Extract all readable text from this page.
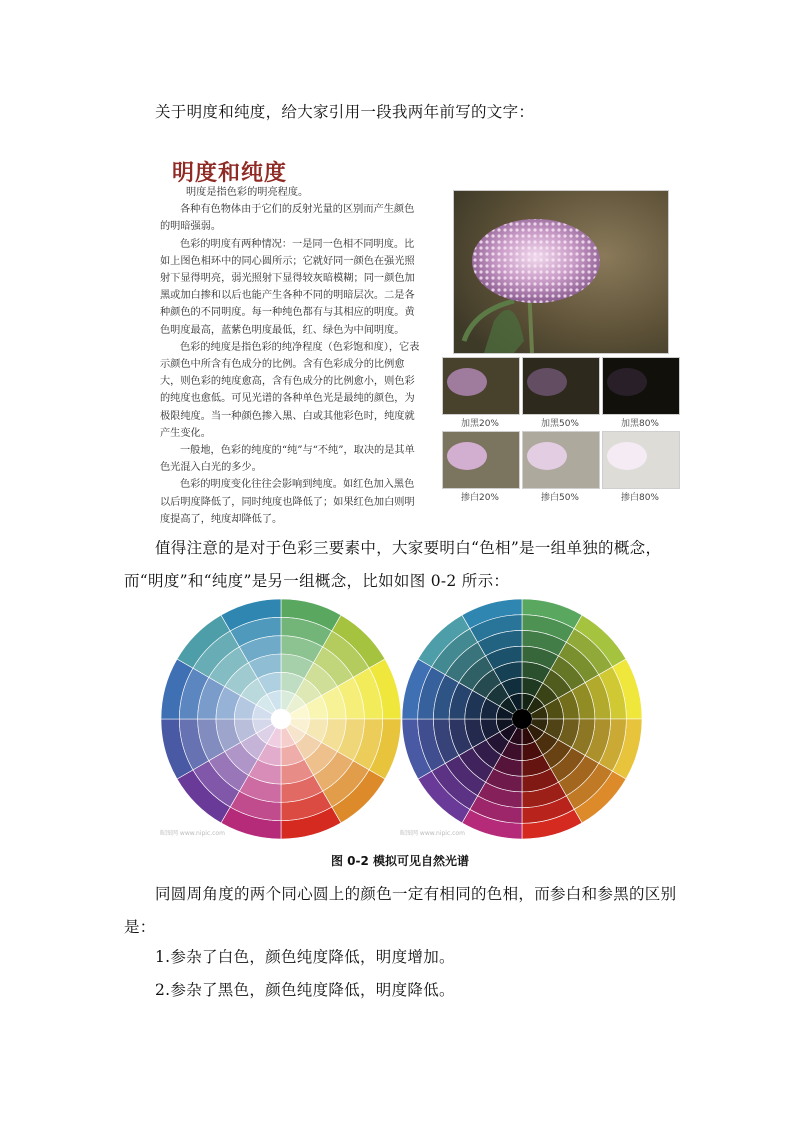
关于明度和纯度，给大家引用一段我两年前写的文字：
明度和纯度

明度是指色彩的明亮程度。

各种有色物体由于它们的反射光量的区别而产生颜色的明暗强弱。

色彩的明度有两种情况：一是同一色相不同明度。比如上图色相环中的同心圆所示；它就好同一颜色在强光照射下显得明亮，弱光照射下显得较灰暗模糊；同一颜色加黑或加白掺和以后也能产生各种不同的明暗层次。二是各种颜色的不同明度。每一种纯色都有与其相应的明度。黄色明度最高，蓝紫色明度最低，红、绿色为中间明度。

色彩的纯度是指色彩的纯净程度（色彩饱和度），它表示颜色中所含有色成分的比例。含有色彩成分的比例愈大，则色彩的纯度愈高，含有色成分的比例愈小，则色彩的纯度也愈低。可见光谱的各种单色光是最纯的颜色，为极限纯度。当一种颜色掺入黑、白或其他彩色时，纯度就产生变化。

一般地，色彩的纯度的“纯”与“不纯”，取决的是其单色光混入白光的多少。

色彩的明度变化往往会影响到纯度。如红色加入黑色以后明度降低了，同时纯度也降低了；如果红色加白则明度提高了，纯度却降低了。

加黑20%	加黑50%	加黑80%
掺白20%	掺白50%	掺白80%
值得注意的是对于色彩三要素中，大家要明白“色相”是一组单独的概念，
而“明度”和“纯度”是另一组概念，比如如图 0-2 所示：
昵图网 www.nipic.com	昵图网 www.nipic.com
图 0-2 模拟可见自然光谱
同圆周角度的两个同心圆上的颜色一定有相同的色相，而参白和参黑的区别是：
1.参杂了白色，颜色纯度降低，明度增加。
2.参杂了黑色，颜色纯度降低，明度降低。
